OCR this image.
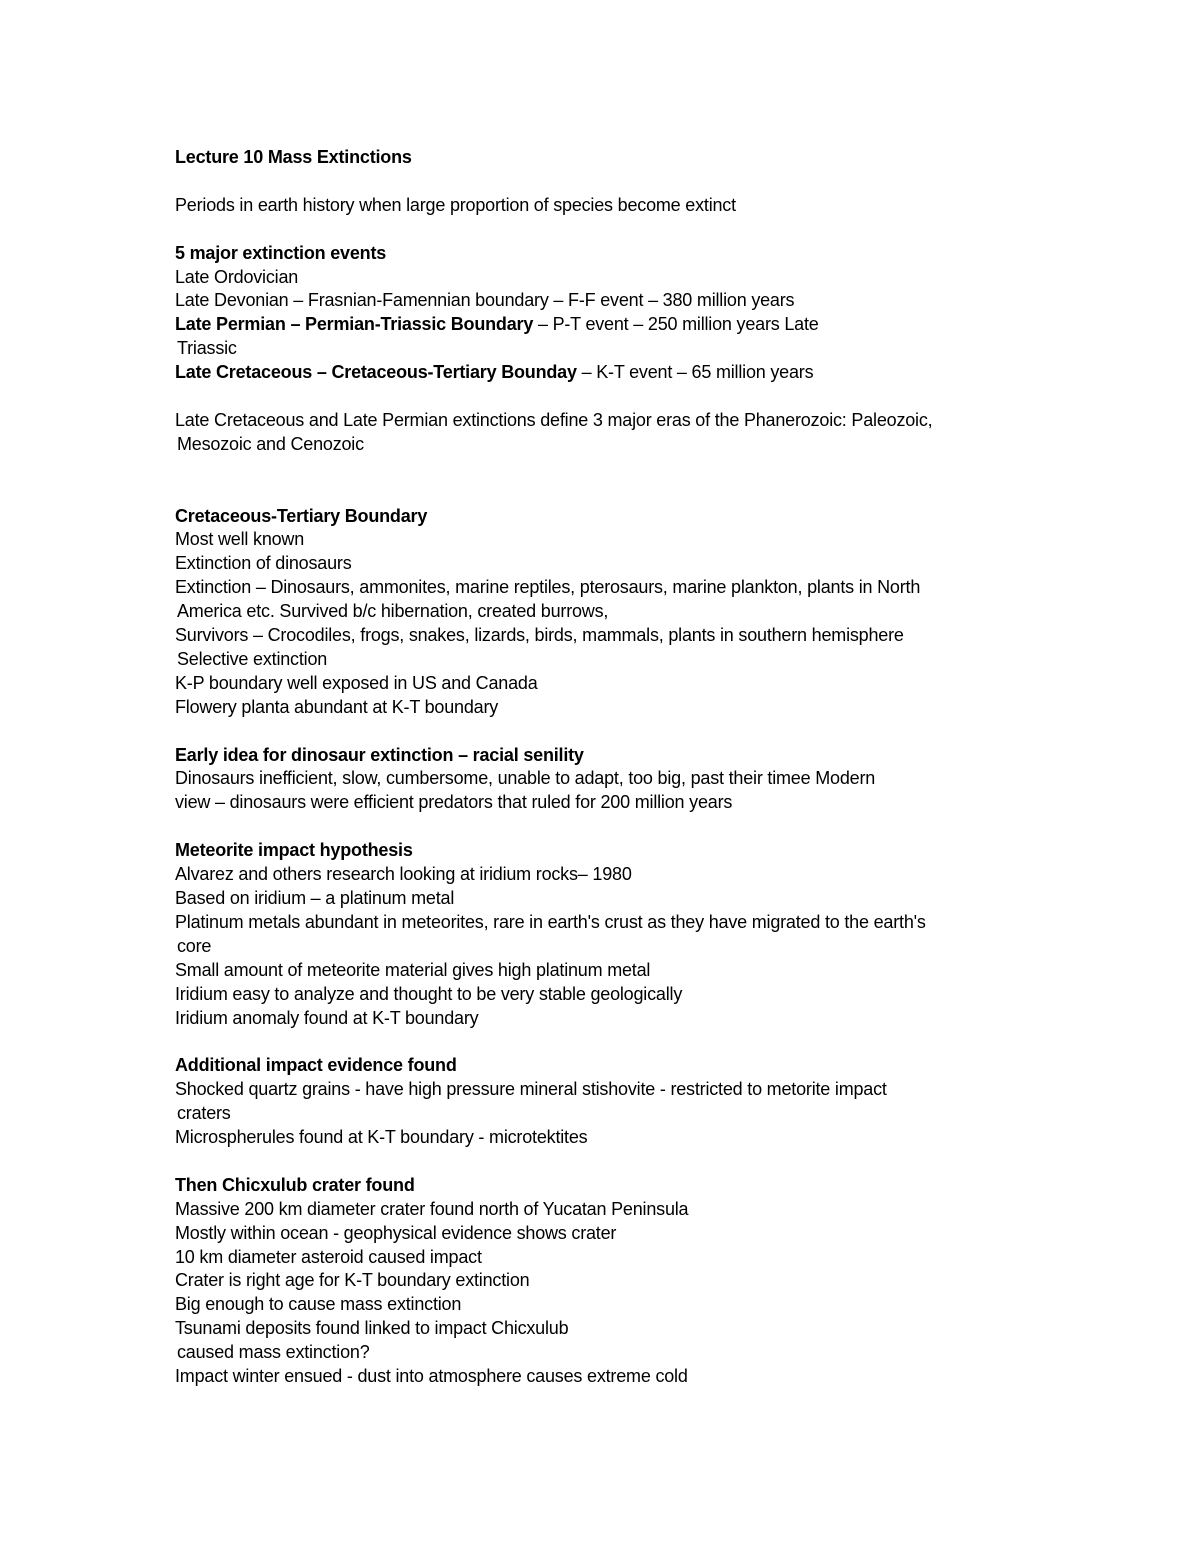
Lecture 10 Mass Extinctions
Periods in earth history when large proportion of species become extinct
5 major extinction events
Late Ordovician
Late Devonian – Frasnian-Famennian boundary – F-F event – 380 million years
Late Permian – Permian-Triassic Boundary – P-T event – 250 million years Late
Triassic
Late Cretaceous – Cretaceous-Tertiary Bounday – K-T event – 65 million years
Late Cretaceous and Late Permian extinctions define 3 major eras of the Phanerozoic: Paleozoic,
Mesozoic and Cenozoic
Cretaceous-Tertiary Boundary
Most well known
Extinction of dinosaurs
Extinction – Dinosaurs, ammonites, marine reptiles, pterosaurs, marine plankton, plants in North
America etc. Survived b/c hibernation, created burrows,
Survivors – Crocodiles, frogs, snakes, lizards, birds, mammals, plants in southern hemisphere
Selective extinction
K-P boundary well exposed in US and Canada
Flowery planta abundant at K-T boundary
Early idea for dinosaur extinction – racial senility
Dinosaurs inefficient, slow, cumbersome, unable to adapt, too big, past their timee Modern
view – dinosaurs were efficient predators that ruled for 200 million years
Meteorite impact hypothesis
Alvarez and others research looking at iridium rocks– 1980
Based on iridium – a platinum metal
Platinum metals abundant in meteorites, rare in earth's crust as they have migrated to the earth's
core
Small amount of meteorite material gives high platinum metal
Iridium easy to analyze and thought to be very stable geologically
Iridium anomaly found at K-T boundary
Additional impact evidence found
Shocked quartz grains - have high pressure mineral stishovite - restricted to metorite impact
craters
Microspherules found at K-T boundary - microtektites
Then Chicxulub crater found
Massive 200 km diameter crater found north of Yucatan Peninsula
Mostly within ocean - geophysical evidence shows crater
10 km diameter asteroid caused impact
Crater is right age for K-T boundary extinction
Big enough to cause mass extinction
Tsunami deposits found linked to impact Chicxulub
caused mass extinction?
Impact winter ensued - dust into atmosphere causes extreme cold
